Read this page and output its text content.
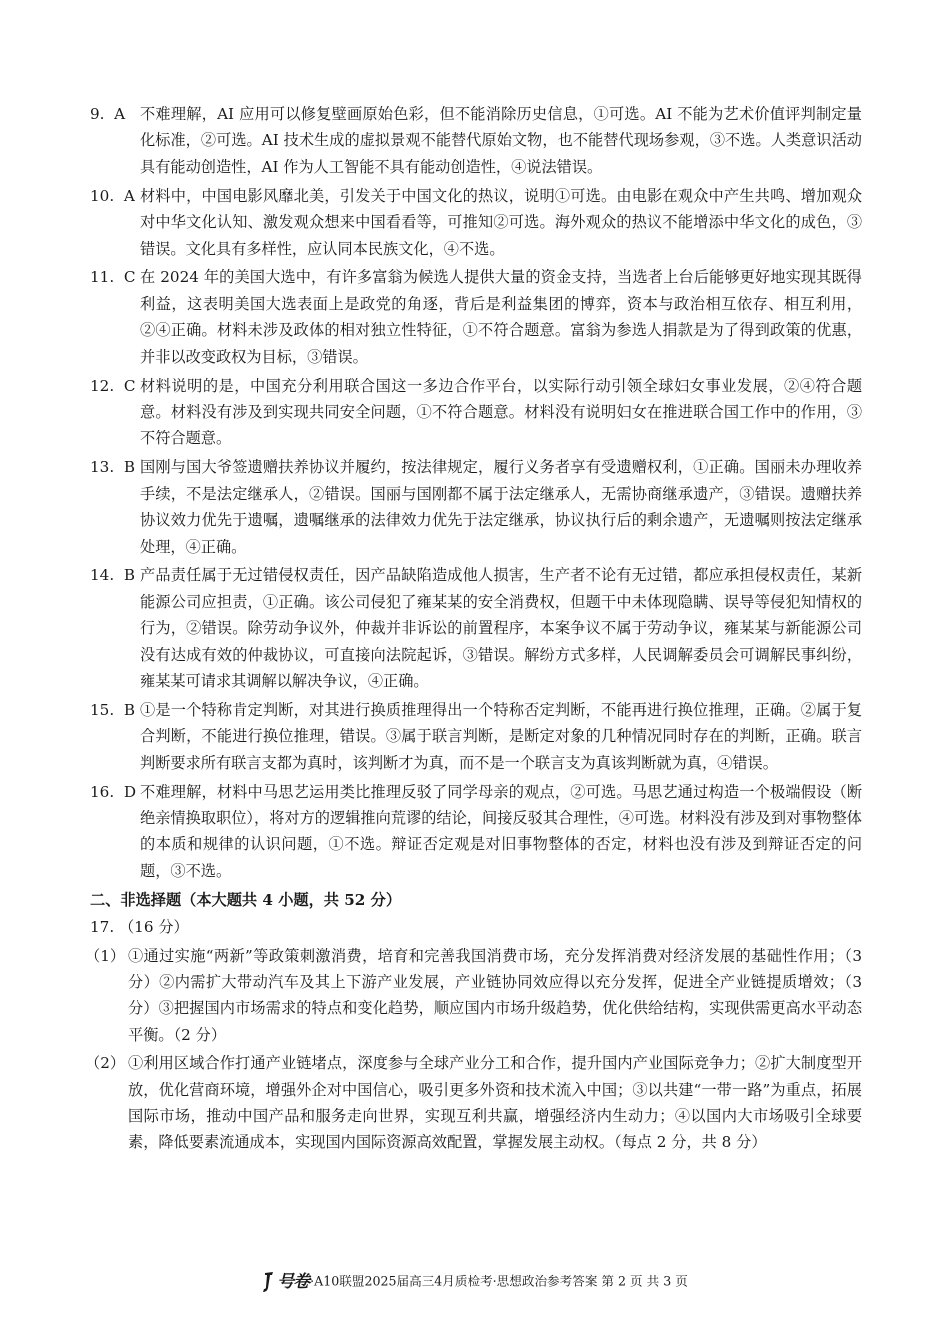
9. A 不难理解，AI 应用可以修复壁画原始色彩，但不能消除历史信息，①可选。AI 不能为艺术价值评判制定量化标准，②可选。AI 技术生成的虚拟景观不能替代原始文物，也不能替代现场参观，③不选。人类意识活动具有能动创造性，AI 作为人工智能不具有能动创造性，④说法错误。
10. A 材料中，中国电影风靡北美，引发关于中国文化的热议，说明①可选。由电影在观众中产生共鸣、增加观众对中华文化认知、激发观众想来中国看看等，可推知②可选。海外观众的热议不能增添中华文化的成色，③错误。文化具有多样性，应认同本民族文化，④不选。
11. C 在 2024 年的美国大选中，有许多富翁为候选人提供大量的资金支持，当选者上台后能够更好地实现其既得利益，这表明美国大选表面上是政党的角逐，背后是利益集团的博弈，资本与政治相互依存、相互利用，②④正确。材料未涉及政体的相对独立性特征，①不符合题意。富翁为参选人捐款是为了得到政策的优惠，并非以改变政权为目标，③错误。
12. C 材料说明的是，中国充分利用联合国这一多边合作平台，以实际行动引领全球妇女事业发展，②④符合题意。材料没有涉及到实现共同安全问题，①不符合题意。材料没有说明妇女在推进联合国工作中的作用，③不符合题意。
13. B 国刚与国大爷签遗赠扶养协议并履约，按法律规定，履行义务者享有受遗赠权利，①正确。国丽未办理收养手续，不是法定继承人，②错误。国丽与国刚都不属于法定继承人，无需协商继承遗产，③错误。遗赠扶养协议效力优先于遗嘱，遗嘱继承的法律效力优先于法定继承，协议执行后的剩余遗产，无遗嘱则按法定继承处理，④正确。
14. B 产品责任属于无过错侵权责任，因产品缺陷造成他人损害，生产者不论有无过错，都应承担侵权责任，某新能源公司应担责，①正确。该公司侵犯了雍某某的安全消费权，但题干中未体现隐瞒、误导等侵犯知情权的行为，②错误。除劳动争议外，仲裁并非诉讼的前置程序，本案争议不属于劳动争议，雍某某与新能源公司没有达成有效的仲裁协议，可直接向法院起诉，③错误。解纷方式多样，人民调解委员会可调解民事纠纷，雍某某可请求其调解以解决争议，④正确。
15. B ①是一个特称肯定判断，对其进行换质推理得出一个特称否定判断，不能再进行换位推理，正确。②属于复合判断，不能进行换位推理，错误。③属于联言判断，是断定对象的几种情况同时存在的判断，正确。联言判断要求所有联言支都为真时，该判断才为真，而不是一个联言支为真该判断就为真，④错误。
16. D 不难理解，材料中马思艺运用类比推理反驳了同学母亲的观点，②可选。马思艺通过构造一个极端假设（断绝亲情换取职位），将对方的逻辑推向荒谬的结论，间接反驳其合理性，④可选。材料没有涉及到对事物整体的本质和规律的认识问题，①不选。辩证否定观是对旧事物整体的否定，材料也没有涉及到辩证否定的问题，③不选。
二、非选择题（本大题共 4 小题，共 52 分）
17. （16 分）
（1） ①通过实施“两新”等政策刺激消费，培育和完善我国消费市场，充分发挥消费对经济发展的基础性作用；（3 分）②内需扩大带动汽车及其上下游产业发展，产业链协同效应得以充分发挥，促进全产业链提质增效；（3 分）③把握国内市场需求的特点和变化趋势，顺应国内市场升级趋势，优化供给结构，实现供需更高水平动态平衡。（2 分）
（2） ①利用区域合作打通产业链堵点，深度参与全球产业分工和合作，提升国内产业国际竞争力；②扩大制度型开放，优化营商环境，增强外企对中国信心，吸引更多外资和技术流入中国；③以共建“一带一路”为重点，拓展国际市场，推动中国产品和服务走向世界，实现互利共赢，增强经济内生动力；④以国内大市场吸引全球要素，降低要素流通成本，实现国内国际资源高效配置，掌握发展主动权。（每点 2 分，共 8 分）
号卷 ·A10联盟2025届高三4月质检考·思想政治参考答案 第 2 页 共 3 页
